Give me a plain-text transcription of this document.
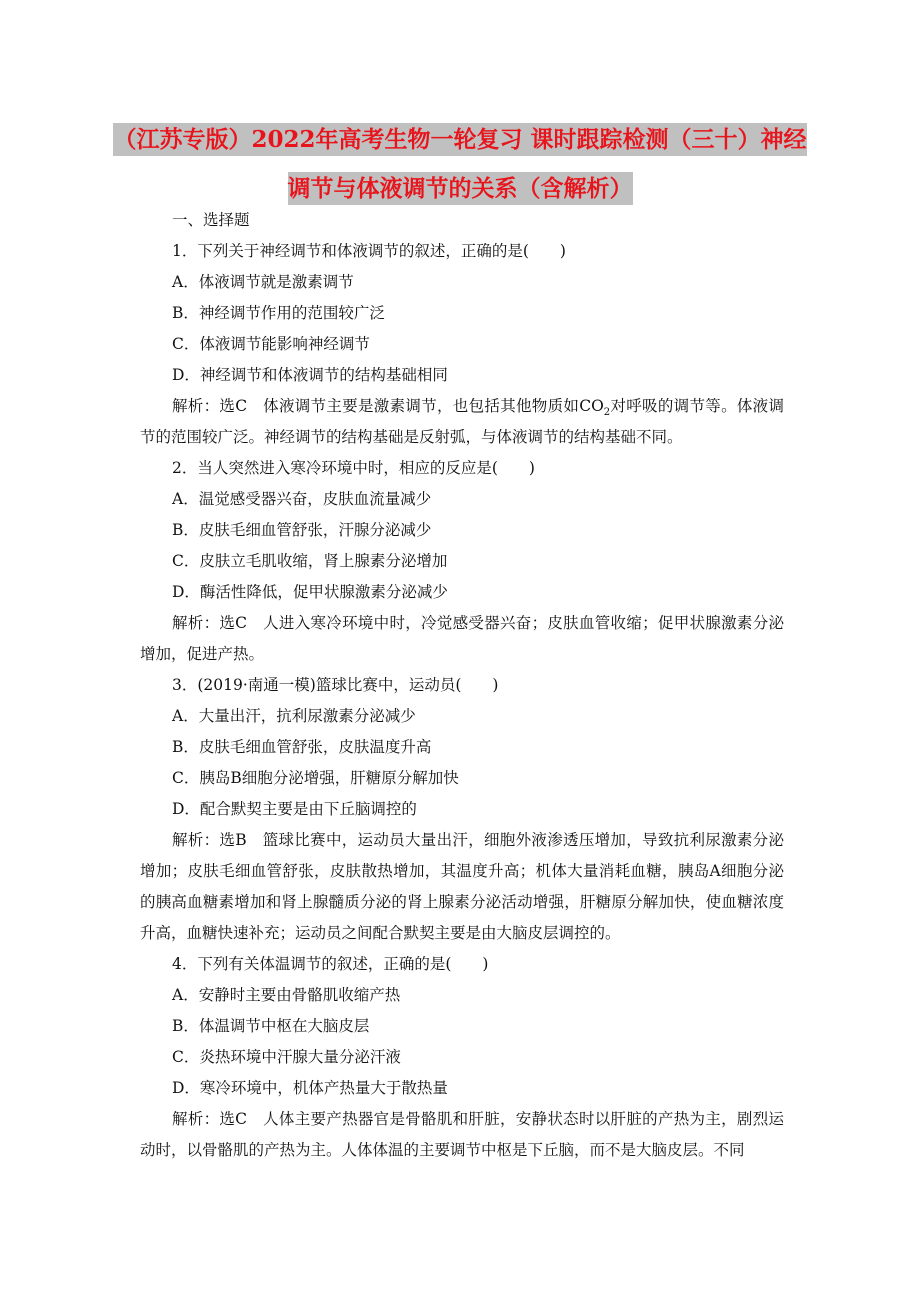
（江苏专版）2022年高考生物一轮复习 课时跟踪检测（三十）神经
调节与体液调节的关系（含解析）

一、选择题

1．下列关于神经调节和体液调节的叙述，正确的是(　　)

A．体液调节就是激素调节

B．神经调节作用的范围较广泛

C．体液调节能影响神经调节

D．神经调节和体液调节的结构基础相同

解析：选C　体液调节主要是激素调节，也包括其他物质如$CO_2$对呼吸的调节等。体液调节的范围较广泛。神经调节的结构基础是反射弧，与体液调节的结构基础不同。

2．当人突然进入寒冷环境中时，相应的反应是(　　)

A．温觉感受器兴奋，皮肤血流量减少

B．皮肤毛细血管舒张，汗腺分泌减少

C．皮肤立毛肌收缩，肾上腺素分泌增加

D．酶活性降低，促甲状腺激素分泌减少

解析：选C　人进入寒冷环境中时，冷觉感受器兴奋；皮肤血管收缩；促甲状腺激素分泌增加，促进产热。

3．(2019·南通一模)篮球比赛中，运动员(　　)

A．大量出汗，抗利尿激素分泌减少

B．皮肤毛细血管舒张，皮肤温度升高

C．胰岛B细胞分泌增强，肝糖原分解加快

D．配合默契主要是由下丘脑调控的

解析：选B　篮球比赛中，运动员大量出汗，细胞外液渗透压增加，导致抗利尿激素分泌增加；皮肤毛细血管舒张，皮肤散热增加，其温度升高；机体大量消耗血糖，胰岛A细胞分泌的胰高血糖素增加和肾上腺髓质分泌的肾上腺素分泌活动增强，肝糖原分解加快，使血糖浓度升高，血糖快速补充；运动员之间配合默契主要是由大脑皮层调控的。

4．下列有关体温调节的叙述，正确的是(　　)

A．安静时主要由骨骼肌收缩产热

B．体温调节中枢在大脑皮层

C．炎热环境中汗腺大量分泌汗液

D．寒冷环境中，机体产热量大于散热量

解析：选C　人体主要产热器官是骨骼肌和肝脏，安静状态时以肝脏的产热为主，剧烈运动时，以骨骼肌的产热为主。人体体温的主要调节中枢是下丘脑，而不是大脑皮层。不同
